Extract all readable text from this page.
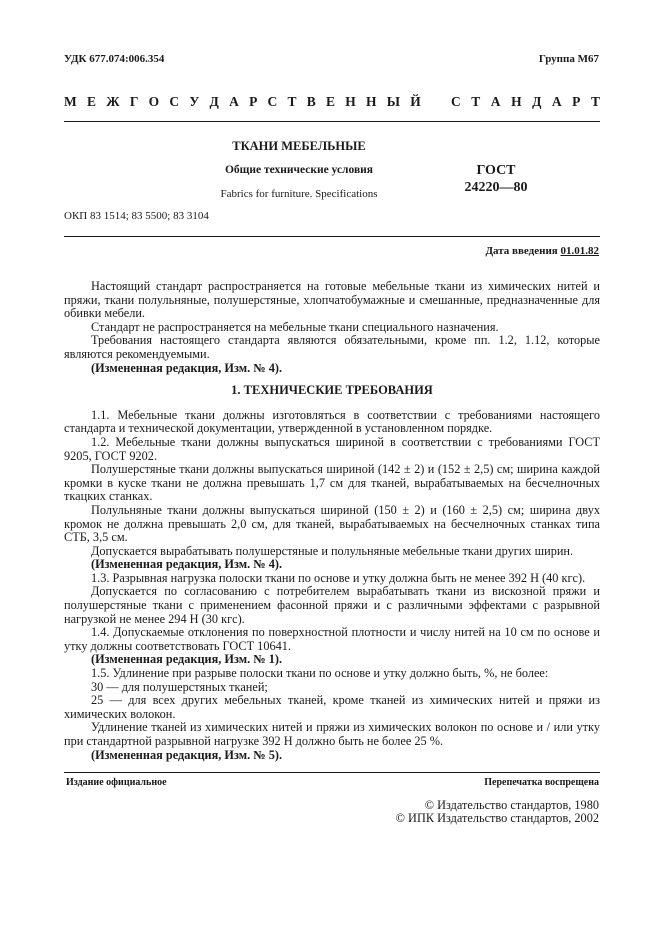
УДК 677.074:006.354	Группа М67
М Е Ж Г О С У Д А Р С Т В Е Н Н Ы Й С Т А Н Д А Р Т
ТКАНИ МЕБЕЛЬНЫЕ
Общие технические условия
Fabrics for furniture. Specifications
ОКП 83 1514; 83 5500; 83 3104
ГОСТ
24220—80
Дата введения 01.01.82

Настоящий стандарт распространяется на готовые мебельные ткани из химических нитей и пряжи, ткани полульняные, полушерстяные, хлопчатобумажные и смешанные, предназначенные для обивки мебели.

Стандарт не распространяется на мебельные ткани специального назначения.

Требования настоящего стандарта являются обязательными, кроме пп. 1.2, 1.12, которые являются рекомендуемыми.

(Измененная редакция, Изм. № 4).

1. ТЕХНИЧЕСКИЕ ТРЕБОВАНИЯ

1.1. Мебельные ткани должны изготовляться в соответствии с требованиями настоящего стандарта и технической документации, утвержденной в установленном порядке.

1.2. Мебельные ткани должны выпускаться шириной в соответствии с требованиями ГОСТ 9205, ГОСТ 9202.

Полушерстяные ткани должны выпускаться шириной (142 ± 2) и (152 ± 2,5) см; ширина каждой кромки в куске ткани не должна превышать 1,7 см для тканей, вырабатываемых на бесчелночных ткацких станках.

Полульняные ткани должны выпускаться шириной (150 ± 2) и (160 ± 2,5) см; ширина двух кромок не должна превышать 2,0 см, для тканей, вырабатываемых на бесчелночных станках типа СТБ, 3,5 см.

Допускается вырабатывать полушерстяные и полульняные мебельные ткани других ширин.

(Измененная редакция, Изм. № 4).

1.3. Разрывная нагрузка полоски ткани по основе и утку должна быть не менее 392 Н (40 кгс).

Допускается по согласованию с потребителем вырабатывать ткани из вискозной пряжи и полушерстяные ткани с применением фасонной пряжи и с различными эффектами с разрывной нагрузкой не менее 294 Н (30 кгс).

1.4. Допускаемые отклонения по поверхностной плотности и числу нитей на 10 см по основе и утку должны соответствовать ГОСТ 10641.

(Измененная редакция, Изм. № 1).

1.5. Удлинение при разрыве полоски ткани по основе и утку должно быть, %, не более:

30 — для полушерстяных тканей;

25 — для всех других мебельных тканей, кроме тканей из химических нитей и пряжи из химических волокон.

Удлинение тканей из химических нитей и пряжи из химических волокон по основе и / или утку при стандартной разрывной нагрузке 392 Н должно быть не более 25 %.

(Измененная редакция, Изм. № 5).

Издание официальное	Перепечатка воспрещена
© Издательство стандартов, 1980
© ИПК Издательство стандартов, 2002
